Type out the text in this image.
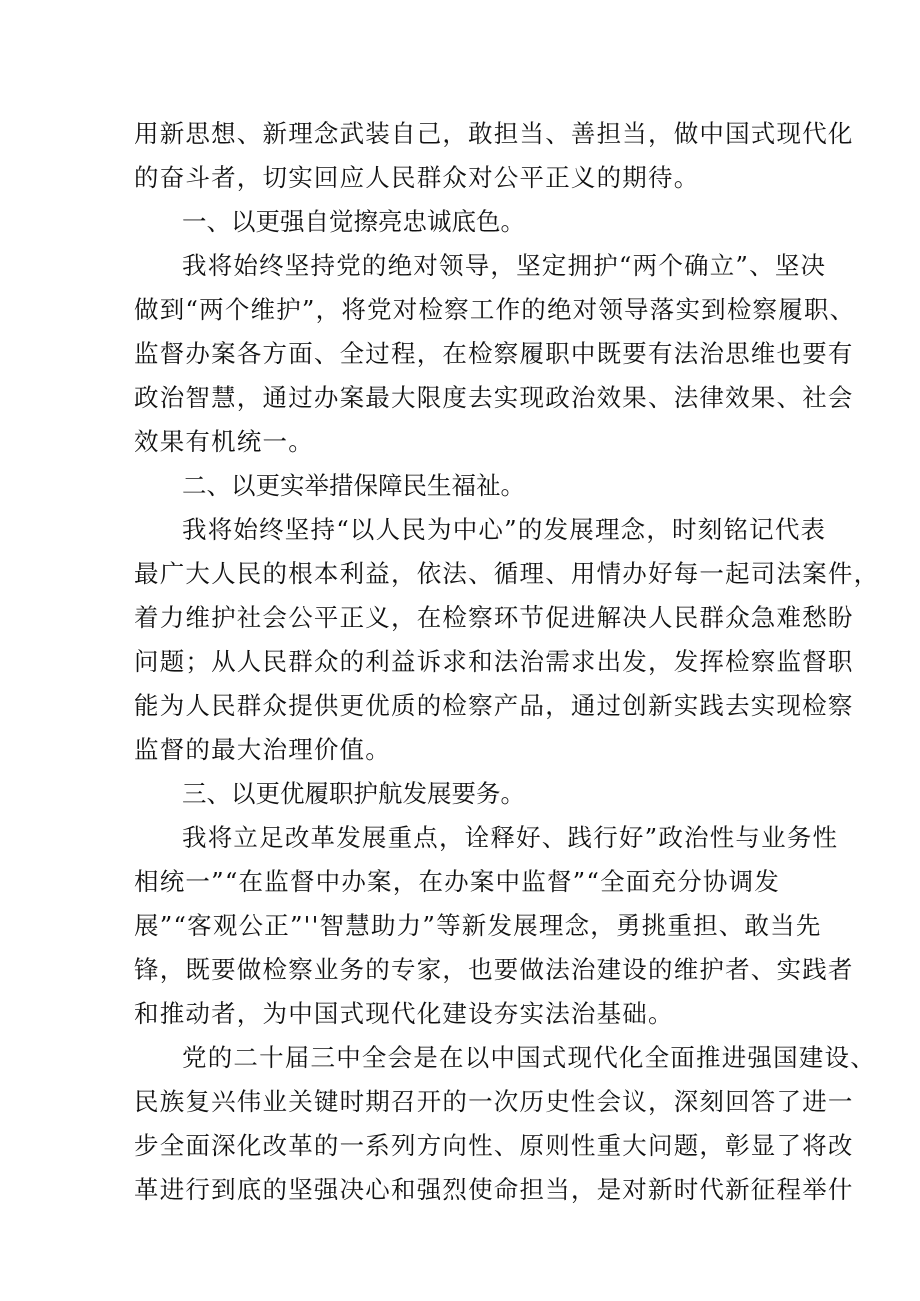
用新思想、新理念武装自己，敢担当、善担当，做中国式现代化
的奋斗者，切实回应人民群众对公平正义的期待。
一、以更强自觉擦亮忠诚底色。
我将始终坚持党的绝对领导，坚定拥护“两个确立”、坚决
做到“两个维护”，将党对检察工作的绝对领导落实到检察履职、
监督办案各方面、全过程，在检察履职中既要有法治思维也要有
政治智慧，通过办案最大限度去实现政治效果、法律效果、社会
效果有机统一。
二、以更实举措保障民生福祉。
我将始终坚持“以人民为中心”的发展理念，时刻铭记代表
最广大人民的根本利益，依法、循理、用情办好每一起司法案件，
着力维护社会公平正义，在检察环节促进解决人民群众急难愁盼
问题；从人民群众的利益诉求和法治需求出发，发挥检察监督职
能为人民群众提供更优质的检察产品，通过创新实践去实现检察
监督的最大治理价值。
三、以更优履职护航发展要务。
我将立足改革发展重点，诠释好、践行好”政治性与业务性
相统一”“在监督中办案，在办案中监督”“全面充分协调发
展”“客观公正”''智慧助力”等新发展理念，勇挑重担、敢当先
锋，既要做检察业务的专家，也要做法治建设的维护者、实践者
和推动者，为中国式现代化建设夯实法治基础。
党的二十届三中全会是在以中国式现代化全面推进强国建设、
民族复兴伟业关键时期召开的一次历史性会议，深刻回答了进一
步全面深化改革的一系列方向性、原则性重大问题，彰显了将改
革进行到底的坚强决心和强烈使命担当，是对新时代新征程举什
